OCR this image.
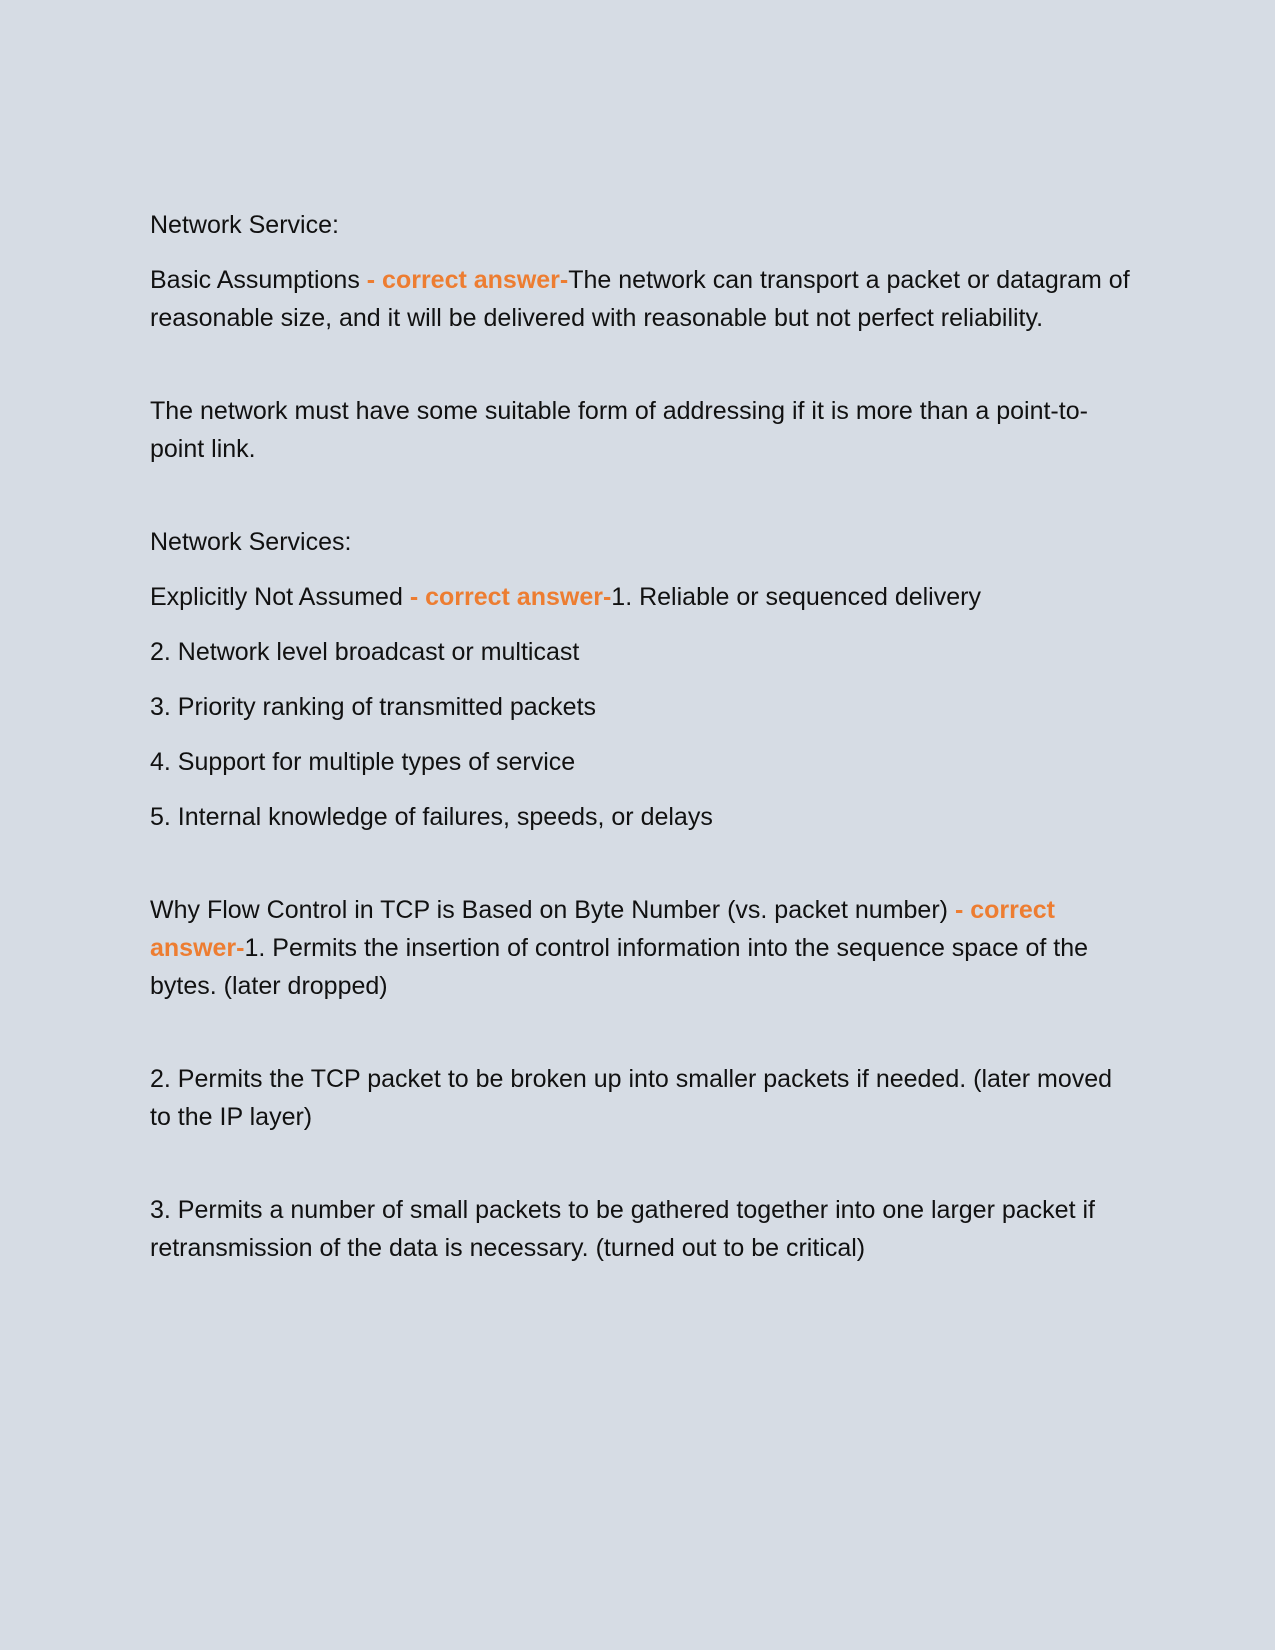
Network Service:

Basic Assumptions - correct answer-The network can transport a packet or datagram of reasonable size, and it will be delivered with reasonable but not perfect reliability.

The network must have some suitable form of addressing if it is more than a point-to-point link.

Network Services:

Explicitly Not Assumed - correct answer-1. Reliable or sequenced delivery

2. Network level broadcast or multicast

3. Priority ranking of transmitted packets

4. Support for multiple types of service

5. Internal knowledge of failures, speeds, or delays

Why Flow Control in TCP is Based on Byte Number (vs. packet number) - correct answer-1. Permits the insertion of control information into the sequence space of the bytes. (later dropped)

2. Permits the TCP packet to be broken up into smaller packets if needed. (later moved to the IP layer)

3. Permits a number of small packets to be gathered together into one larger packet if retransmission of the data is necessary. (turned out to be critical)
